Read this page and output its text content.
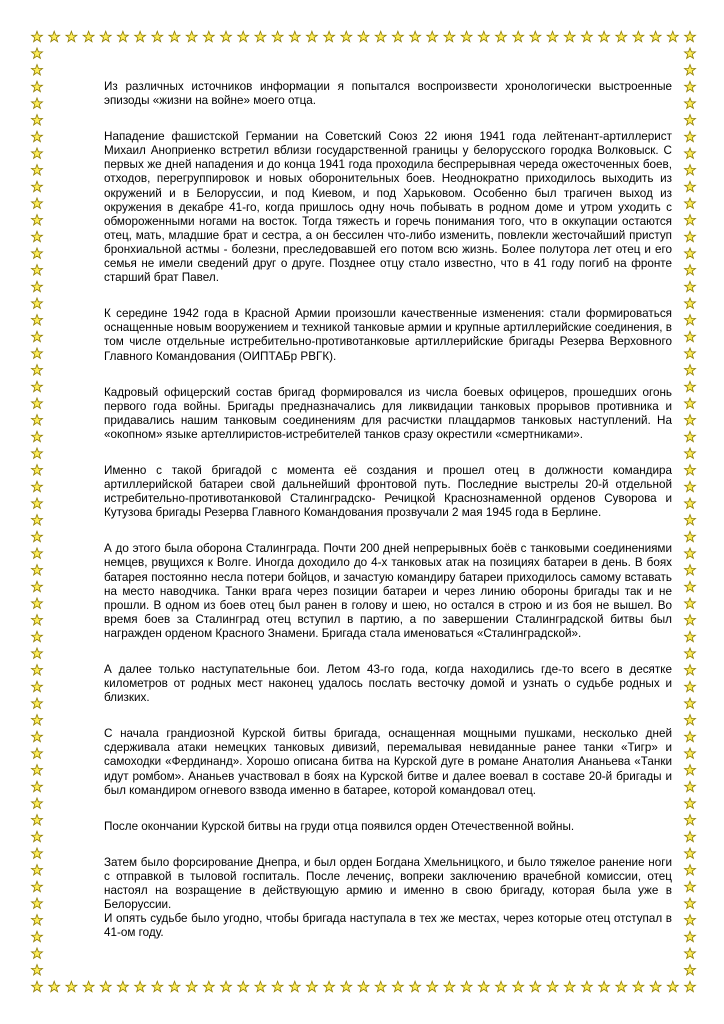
Из различных источников информации я попытался воспроизвести хронологически выстроенные эпизоды «жизни на войне» моего отца.

Нападение фашистской Германии на Советский Союз 22 июня 1941 года лейтенант-артиллерист Михаил Аноприенко встретил вблизи государственной границы у белорусского городка Волковыск. С первых же дней нападения и до конца 1941 года проходила беспрерывная череда ожесточенных боев, отходов, перегруппировок и новых оборонительных боев. Неоднократно приходилось выходить из окружений и в Белоруссии, и под Киевом, и под Харьковом. Особенно был трагичен выход из окружения в декабре 41-го, когда пришлось одну ночь побывать в родном доме и утром уходить с обмороженными ногами на восток. Тогда тяжесть и горечь понимания того, что в оккупации остаются отец, мать, младшие брат и сестра, а он бессилен что-либо изменить, повлекли жесточайший приступ бронхиальной астмы - болезни, преследовавшей его потом всю жизнь. Более полутора лет отец и его семья не имели сведений друг о друге. Позднее отцу стало известно, что в 41 году погиб на фронте старший брат Павел.

К середине 1942 года в Красной Армии произошли качественные изменения: стали формироваться оснащенные новым вооружением и техникой танковые армии и крупные артиллерийские соединения, в том числе отдельные истребительно-противотанковые артиллерийские бригады Резерва Верховного Главного Командования (ОИПТАБр РВГК).

Кадровый офицерский состав бригад формировался из числа боевых офицеров, прошедших огонь первого года войны. Бригады предназначались для ликвидации танковых прорывов противника и придавались нашим танковым соединениям для расчистки плацдармов танковых наступлений. На «окопном» языке артеллиристов-истребителей танков сразу окрестили «смертниками».

Именно с такой бригадой с момента её создания и прошел отец в должности командира артиллерийской батареи свой дальнейший фронтовой путь. Последние выстрелы 20-й отдельной истребительно-противотанковой Сталинградско- Речицкой Краснознаменной орденов Суворова и Кутузова бригады Резерва Главного Командования прозвучали 2 мая 1945 года в Берлине.

А до этого была оборона Сталинграда. Почти 200 дней непрерывных боёв с танковыми соединениями немцев, рвущихся к Волге. Иногда доходило до 4-х танковых атак на позициях батареи в день. В боях батарея постоянно несла потери бойцов, и зачастую командиру батареи приходилось самому вставать на место наводчика. Танки врага через позиции батареи и через линию обороны бригады так и не прошли. В одном из боев отец был ранен в голову и шею, но остался в строю и из боя не вышел. Во время боев за Сталинград отец вступил в партию, а по завершении Сталинградской битвы был награжден орденом Красного Знамени. Бригада стала именоваться «Сталинградской».

А далее только наступательные бои. Летом 43-го года, когда находились где-то всего в десятке километров от родных мест наконец удалось послать весточку домой и узнать о судьбе родных и близких.

С начала грандиозной Курской битвы бригада, оснащенная мощными пушками, несколько дней сдерживала атаки немецких танковых дивизий, перемалывая невиданные ранее танки «Тигр» и самоходки «Фердинанд». Хорошо описана битва на Курской дуге в романе Анатолия Ананьева «Танки идут ромбом». Ананьев участвовал в боях на Курской битве и далее воевал в составе 20-й бригады и был командиром огневого взвода именно в батарее, которой командовал отец.

После окончании Курской битвы на груди отца появился орден Отечественной войны.

Затем было форсирование Днепра, и был орден Богдана Хмельницкого, и было тяжелое ранение ноги с отправкой в тыловой госпиталь. После лечениç, вопреки заключению врачебной комиссии, отец настоял на возращение в действующую армию и именно в свою бригаду, которая была уже в Белоруссии.

И опять судьбе было угодно, чтобы бригада наступала в тех же местах, через которые отец отступал в 41-ом году.
